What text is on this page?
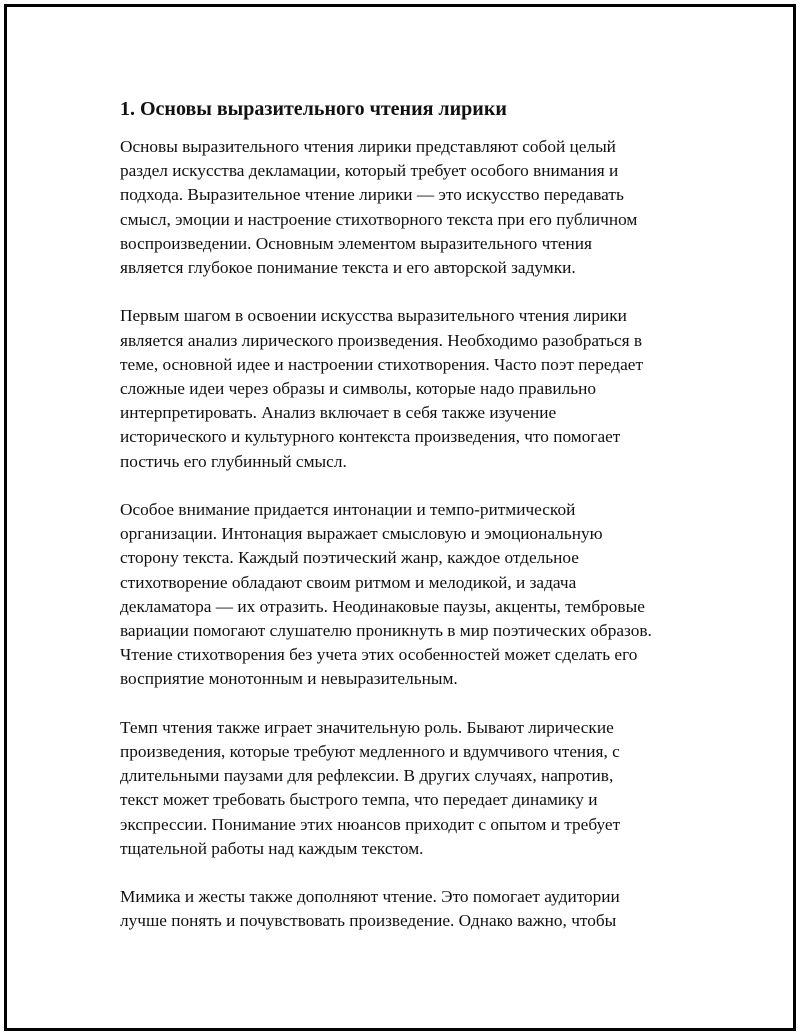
1. Основы выразительного чтения лирики

Основы выразительного чтения лирики представляют собой целый
раздел искусства декламации, который требует особого внимания и
подхода. Выразительное чтение лирики — это искусство передавать
смысл, эмоции и настроение стихотворного текста при его публичном
воспроизведении. Основным элементом выразительного чтения
является глубокое понимание текста и его авторской задумки.

Первым шагом в освоении искусства выразительного чтения лирики
является анализ лирического произведения. Необходимо разобраться в
теме, основной идее и настроении стихотворения. Часто поэт передает
сложные идеи через образы и символы, которые надо правильно
интерпретировать. Анализ включает в себя также изучение
исторического и культурного контекста произведения, что помогает
постичь его глубинный смысл.

Особое внимание придается интонации и темпо-ритмической
организации. Интонация выражает смысловую и эмоциональную
сторону текста. Каждый поэтический жанр, каждое отдельное
стихотворение обладают своим ритмом и мелодикой, и задача
декламатора — их отразить. Неодинаковые паузы, акценты, тембровые
вариации помогают слушателю проникнуть в мир поэтических образов.
Чтение стихотворения без учета этих особенностей может сделать его
восприятие монотонным и невыразительным.

Темп чтения также играет значительную роль. Бывают лирические
произведения, которые требуют медленного и вдумчивого чтения, с
длительными паузами для рефлексии. В других случаях, напротив,
текст может требовать быстрого темпа, что передает динамику и
экспрессии. Понимание этих нюансов приходит с опытом и требует
тщательной работы над каждым текстом.

Мимика и жесты также дополняют чтение. Это помогает аудитории
лучше понять и почувствовать произведение. Однако важно, чтобы
